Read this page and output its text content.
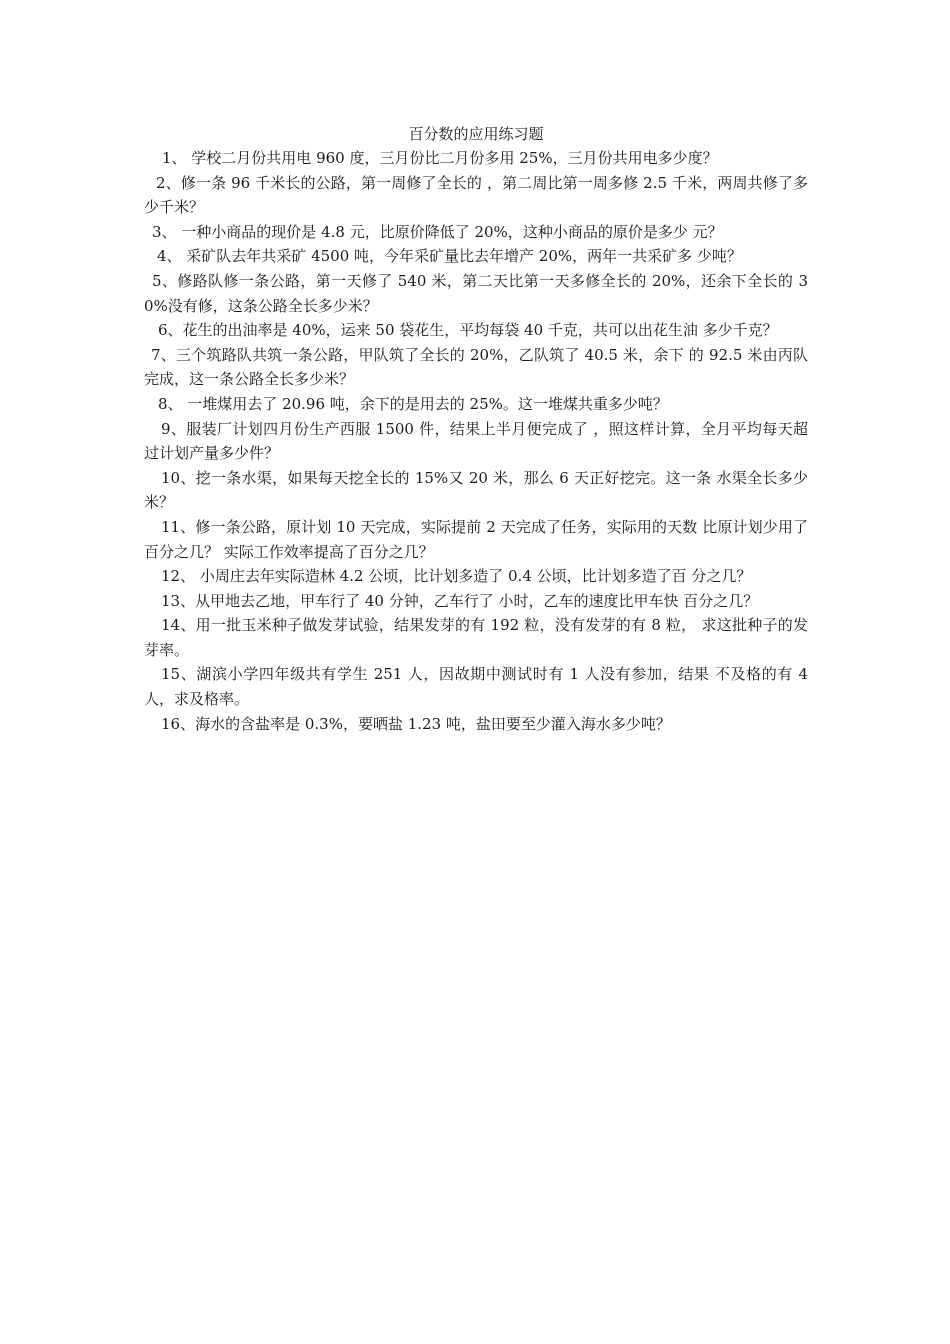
百分数的应用练习题

1、 学校二月份共用电 960 度，三月份比二月份多用 25%，三月份共用电多少度？

2、修一条 96 千米长的公路，第一周修了全长的 ，第二周比第一周多修 2.5 千米，两周共修了多少千米？

3、 一种小商品的现价是 4.8 元，比原价降低了 20%，这种小商品的原价是多少 元？

4、 采矿队去年共采矿 4500 吨，今年采矿量比去年增产 20%，两年一共采矿多 少吨？

5、修路队修一条公路，第一天修了 540 米，第二天比第一天多修全长的 20%，还余下全长的 30%没有修，这条公路全长多少米？

6、花生的出油率是 40%，运来 50 袋花生，平均每袋 40 千克，共可以出花生油 多少千克？

7、三个筑路队共筑一条公路，甲队筑了全长的 20%，乙队筑了 40.5 米，余下 的 92.5 米由丙队完成，这一条公路全长多少米？

8、 一堆煤用去了 20.96 吨，余下的是用去的 25%。这一堆煤共重多少吨？

9、服装厂计划四月份生产西服 1500 件，结果上半月便完成了 ，照这样计算，全月平均每天超过计划产量多少件？

10、挖一条水渠，如果每天挖全长的 15%又 20 米，那么 6 天正好挖完。这一条 水渠全长多少米？

11、修一条公路，原计划 10 天完成，实际提前 2 天完成了任务，实际用的天数 比原计划少用了百分之几？ 实际工作效率提高了百分之几？

12、 小周庄去年实际造林 4.2 公顷，比计划多造了 0.4 公顷，比计划多造了百 分之几？

13、从甲地去乙地，甲车行了 40 分钟，乙车行了 小时，乙车的速度比甲车快 百分之几？

14、用一批玉米种子做发芽试验，结果发芽的有 192 粒，没有发芽的有 8 粒， 求这批种子的发芽率。

15、湖滨小学四年级共有学生 251 人，因故期中测试时有 1 人没有参加，结果 不及格的有 4 人，求及格率。

16、海水的含盐率是 0.3%，要晒盐 1.23 吨，盐田要至少灌入海水多少吨？
